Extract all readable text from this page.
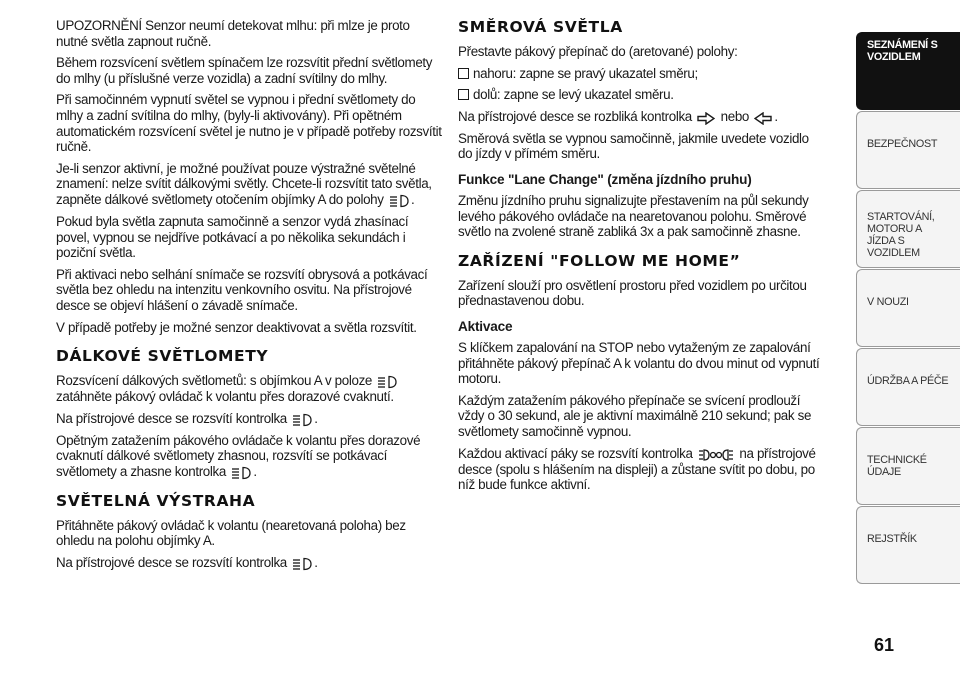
UPOZORNĚNÍ Senzor neumí detekovat mlhu: při mlze je proto nutné světla zapnout ručně.

Během rozsvícení světlem spínačem lze rozsvítit přední světlomety do mlhy (u příslušné verze vozidla) a zadní svítilny do mlhy.

Při samočinném vypnutí světel se vypnou i přední světlomety do mlhy a zadní svítilna do mlhy, (byly-li aktivovány). Při opětném automatickém rozsvícení světel je nutno je v případě potřeby rozsvítit ručně.

Je-li senzor aktivní, je možné používat pouze výstražné světelné znamení: nelze svítit dálkovými světly. Chcete-li rozsvítit tato světla, zapněte dálkové světlomety otočením objímky A do polohy .

Pokud byla světla zapnuta samočinně a senzor vydá zhasínací povel, vypnou se nejdříve potkávací a po několika sekundách i poziční světla.

Při aktivaci nebo selhání snímače se rozsvítí obrysová a potkávací světla bez ohledu na intenzitu venkovního osvitu. Na přístrojové desce se objeví hlášení o závadě snímače.

V případě potřeby je možné senzor deaktivovat a světla rozsvítit.

DÁLKOVÉ SVĚTLOMETY

Rozsvícení dálkových světlometů: s objímkou A v poloze
zatáhněte pákový ovládač k volantu přes dorazové cvaknutí.

Na přístrojové desce se rozsvítí kontrolka .

Opětným zatažením pákového ovládače k volantu přes dorazové cvaknutí dálkové světlomety zhasnou, rozsvítí se potkávací světlomety a zhasne kontrolka .

SVĚTELNÁ VÝSTRAHA

Přitáhněte pákový ovládač k volantu (nearetovaná poloha) bez ohledu na polohu objímky A.

Na přístrojové desce se rozsvítí kontrolka .

SMĚROVÁ SVĚTLA

Přestavte pákový přepínač do (aretované) polohy:

nahoru: zapne se pravý ukazatel směru;

dolů: zapne se levý ukazatel směru.

Na přístrojové desce se rozbliká kontrolka nebo .

Směrová světla se vypnou samočinně, jakmile uvedete vozidlo do jízdy v přímém směru.

Funkce "Lane Change" (změna jízdního pruhu)

Změnu jízdního pruhu signalizujte přestavením na půl sekundy levého pákového ovládače na nearetovanou polohu. Směrové světlo na zvolené straně zabliká 3x a pak samočinně zhasne.

ZAŘÍZENÍ "FOLLOW ME HOME”

Zařízení slouží pro osvětlení prostoru před vozidlem po určitou přednastavenou dobu.

Aktivace

S klíčkem zapalování na STOP nebo vytaženým ze zapalování přitáhněte pákový přepínač A k volantu do dvou minut od vypnutí motoru.

Každým zatažením pákového přepínače se svícení prodlouží vždy o 30 sekund, ale je aktivní maximálně 210 sekund; pak se světlomety samočinně vypnou.

Každou aktivací páky se rozsvítí kontrolka	na přístrojové desce (spolu s hlášením na displeji) a zůstane svítit po dobu, po níž bude funkce aktivní.

SEZNÁMENÍ S VOZIDLEM
BEZPEČNOST
STARTOVÁNÍ, MOTORU A JÍZDA S VOZIDLEM
V NOUZI
ÚDRŽBA A PÉČE
TECHNICKÉ ÚDAJE
REJSTŘÍK
61
